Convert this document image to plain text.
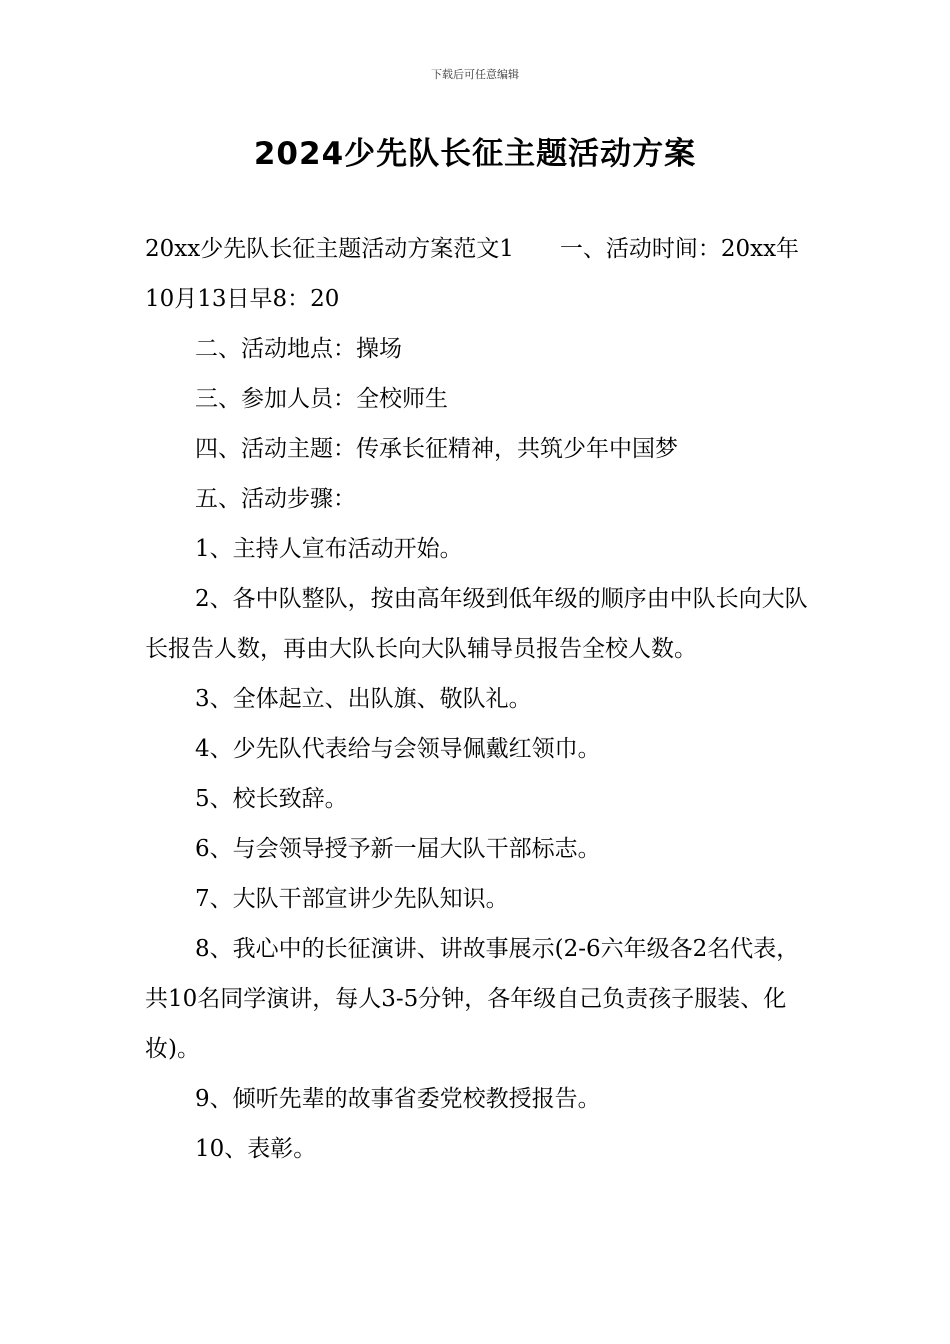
下载后可任意编辑
2024少先队长征主题活动方案

20xx少先队长征主题活动方案范文1　　一、活动时间：20xx年10月13日早8：20

二、活动地点：操场

三、参加人员：全校师生

四、活动主题：传承长征精神，共筑少年中国梦

五、活动步骤：

1、主持人宣布活动开始。

2、各中队整队，按由高年级到低年级的顺序由中队长向大队长报告人数，再由大队长向大队辅导员报告全校人数。

3、全体起立、出队旗、敬队礼。

4、少先队代表给与会领导佩戴红领巾。

5、校长致辞。

6、与会领导授予新一届大队干部标志。

7、大队干部宣讲少先队知识。

8、我心中的长征演讲、讲故事展示(2-6六年级各2名代表，共10名同学演讲，每人3-5分钟，各年级自己负责孩子服装、化妆)。

9、倾听先辈的故事省委党校教授报告。

10、表彰。
